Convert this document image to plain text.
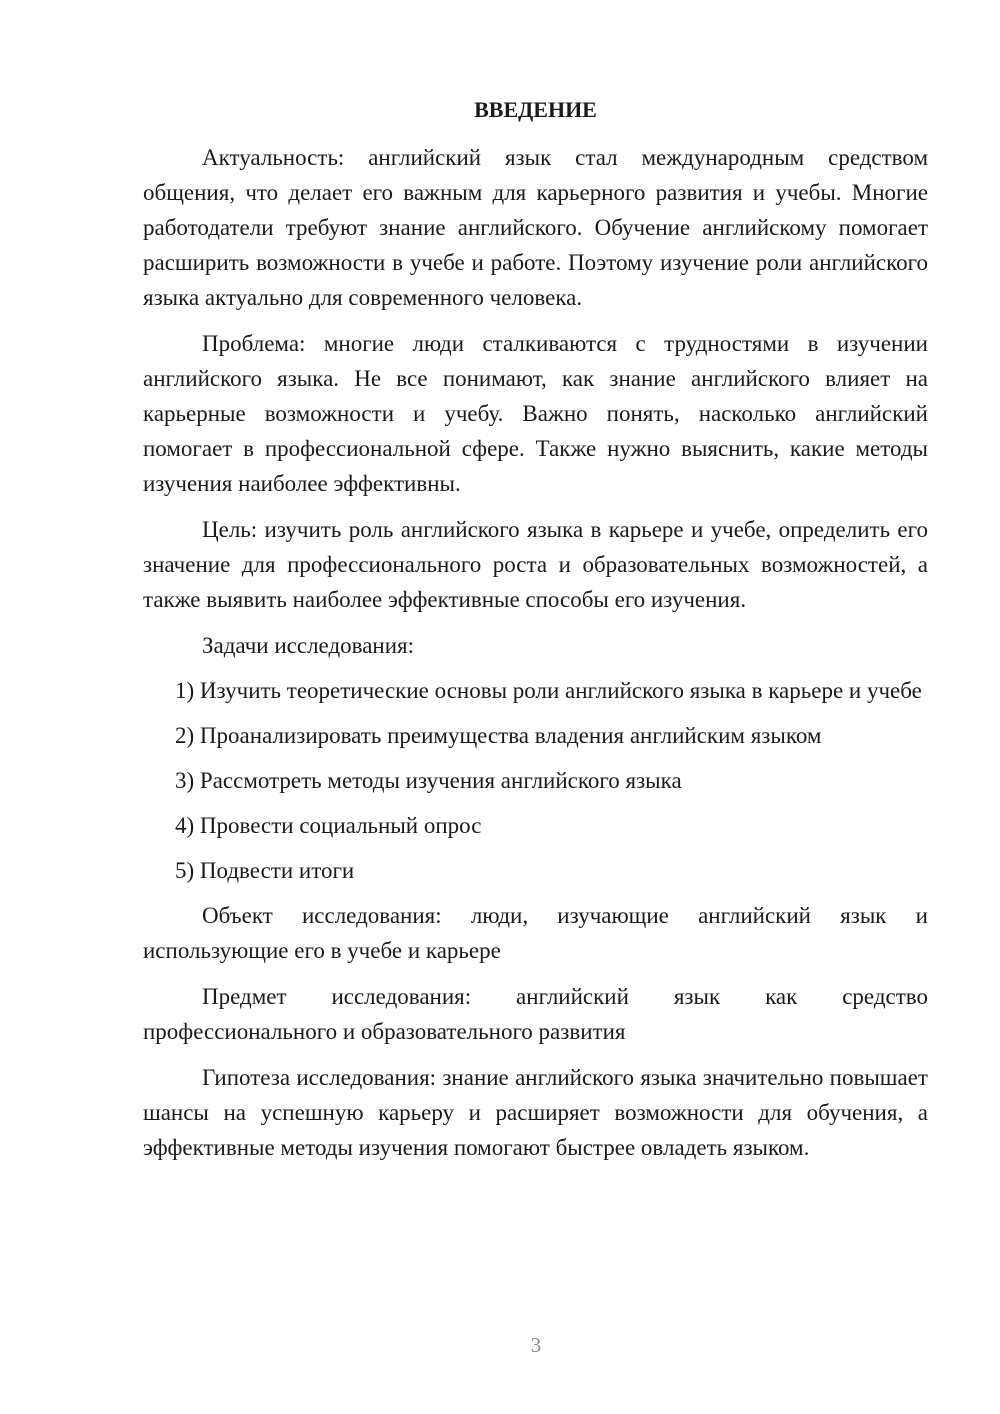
ВВЕДЕНИЕ

Актуальность: английский язык стал международным средством общения, что делает его важным для карьерного развития и учебы. Многие работодатели требуют знание английского. Обучение английскому помогает расширить возможности в учебе и работе. Поэтому изучение роли английского языка актуально для современного человека.

Проблема: многие люди сталкиваются с трудностями в изучении английского языка. Не все понимают, как знание английского влияет на карьерные возможности и учебу. Важно понять, насколько английский помогает в профессиональной сфере. Также нужно выяснить, какие методы изучения наиболее эффективны.

Цель: изучить роль английского языка в карьере и учебе, определить его значение для профессионального роста и образовательных возможностей, а также выявить наиболее эффективные способы его изучения.

Задачи исследования:

1) Изучить теоретические основы роли английского языка в карьере и учебе

2) Проанализировать преимущества владения английским языком

3) Рассмотреть методы изучения английского языка

4) Провести социальный опрос

5) Подвести итоги

Объект исследования: люди, изучающие английский язык и использующие его в учебе и карьере

Предмет исследования: английский язык как средство профессионального и образовательного развития

Гипотеза исследования: знание английского языка значительно повышает шансы на успешную карьеру и расширяет возможности для обучения, а эффективные методы изучения помогают быстрее овладеть языком.

3
